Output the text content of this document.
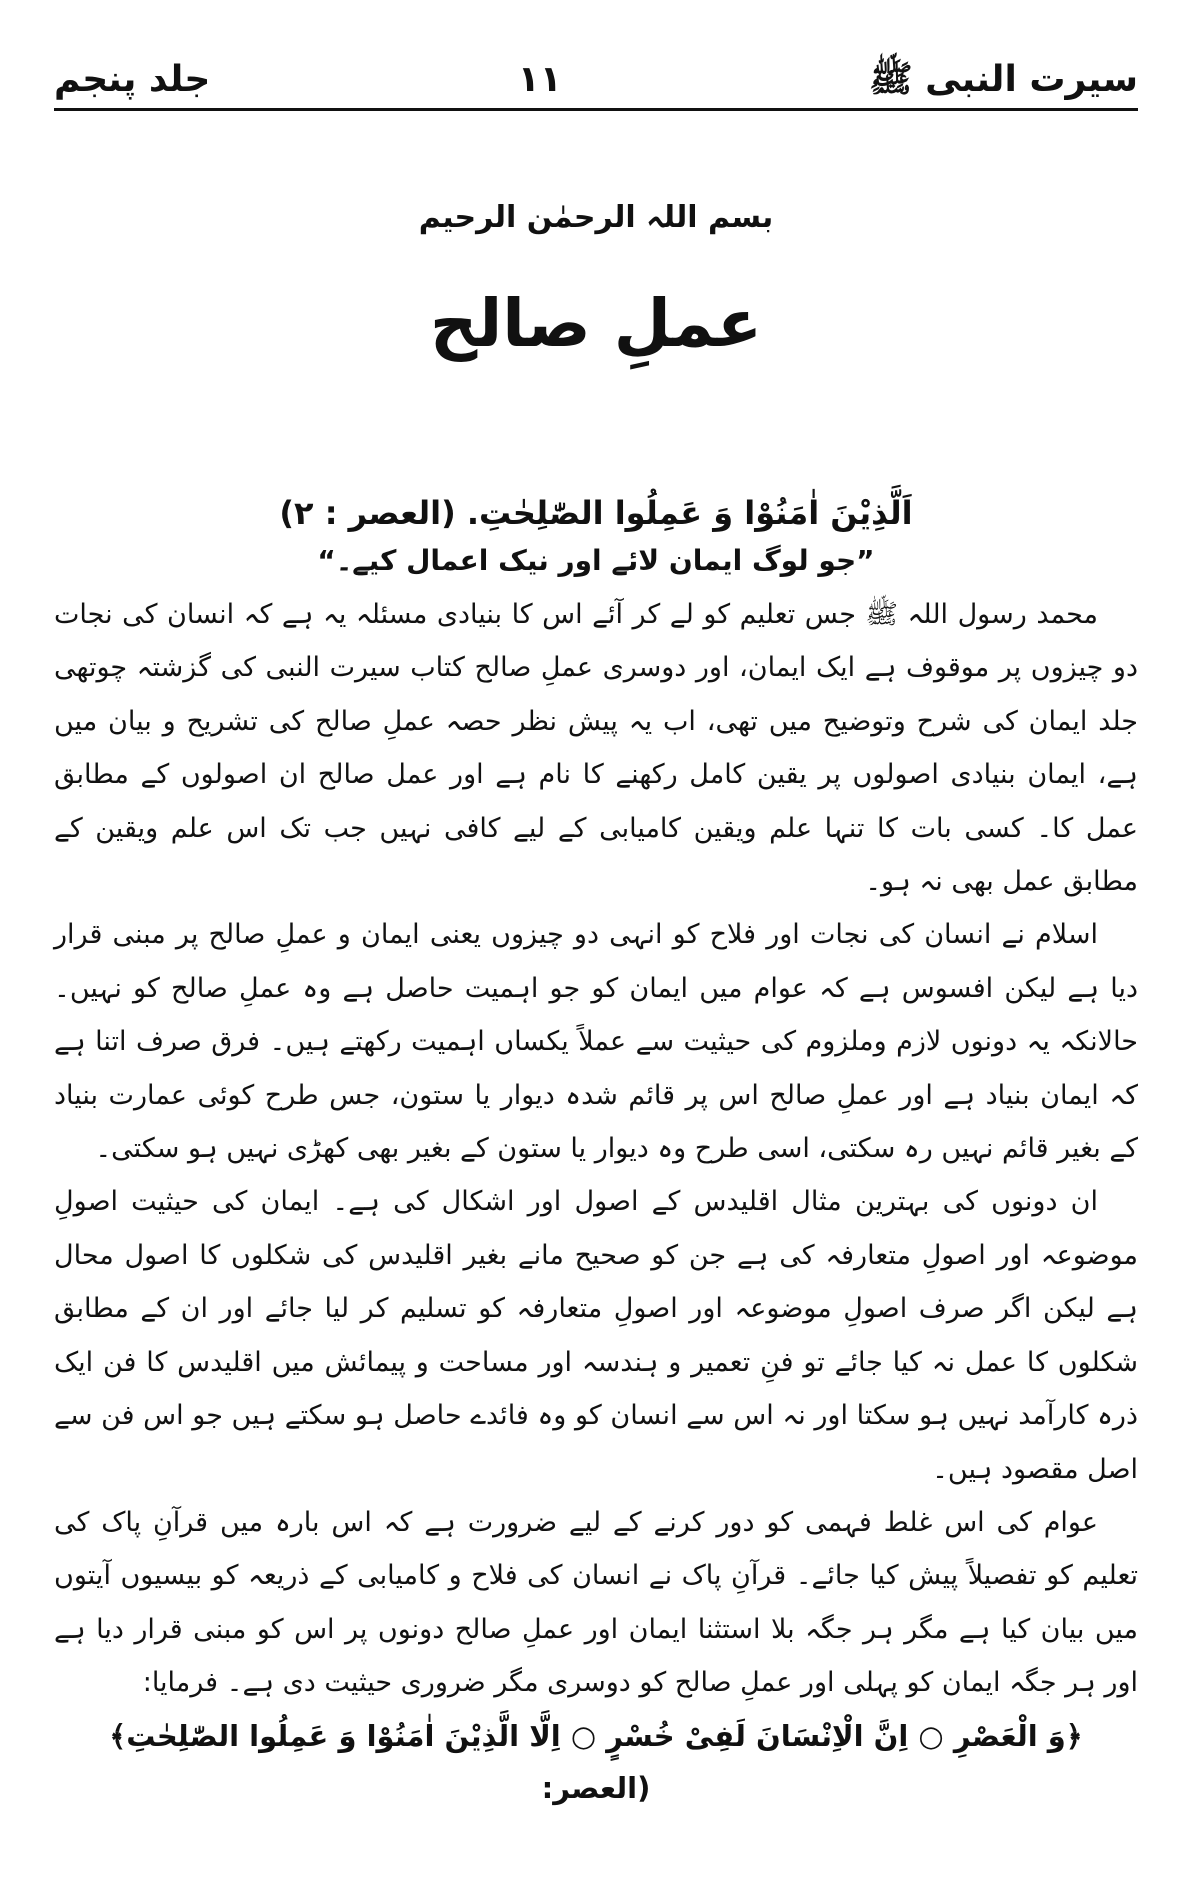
سیرت النبی ﷺ
۱۱
جلد پنجم
بسم اللہ الرحمٰن الرحیم
عملِ صالح

اَلَّذِیْنَ اٰمَنُوْا وَ عَمِلُوا الصّٰلِحٰتِ. (العصر : ۲)

”جو لوگ ایمان لائے اور نیک اعمال کیے۔“

محمد رسول اللہ ﷺ جس تعلیم کو لے کر آئے اس کا بنیادی مسئلہ یہ ہے کہ انسان کی نجات دو چیزوں پر موقوف ہے ایک ایمان، اور دوسری عملِ صالح کتاب سیرت النبی کی گزشتہ چوتھی جلد ایمان کی شرح وتوضیح میں تھی، اب یہ پیش نظر حصہ عملِ صالح کی تشریح و بیان میں ہے، ایمان بنیادی اصولوں پر یقین کامل رکھنے کا نام ہے اور عمل صالح ان اصولوں کے مطابق عمل کا۔ کسی بات کا تنہا علم ویقین کامیابی کے لیے کافی نہیں جب تک اس علم ویقین کے مطابق عمل بھی نہ ہو۔

اسلام نے انسان کی نجات اور فلاح کو انہی دو چیزوں یعنی ایمان و عملِ صالح پر مبنی قرار دیا ہے لیکن افسوس ہے کہ عوام میں ایمان کو جو اہمیت حاصل ہے وہ عملِ صالح کو نہیں۔ حالانکہ یہ دونوں لازم وملزوم کی حیثیت سے عملاً یکساں اہمیت رکھتے ہیں۔ فرق صرف اتنا ہے کہ ایمان بنیاد ہے اور عملِ صالح اس پر قائم شدہ دیوار یا ستون، جس طرح کوئی عمارت بنیاد کے بغیر قائم نہیں رہ سکتی، اسی طرح وہ دیوار یا ستون کے بغیر بھی کھڑی نہیں ہو سکتی۔

ان دونوں کی بہترین مثال اقلیدس کے اصول اور اشکال کی ہے۔ ایمان کی حیثیت اصولِ موضوعہ اور اصولِ متعارفہ کی ہے جن کو صحیح مانے بغیر اقلیدس کی شکلوں کا اصول محال ہے لیکن اگر صرف اصولِ موضوعہ اور اصولِ متعارفہ کو تسلیم کر لیا جائے اور ان کے مطابق شکلوں کا عمل نہ کیا جائے تو فنِ تعمیر و ہندسہ اور مساحت و پیمائش میں اقلیدس کا فن ایک ذرہ کارآمد نہیں ہو سکتا اور نہ اس سے انسان کو وہ فائدے حاصل ہو سکتے ہیں جو اس فن سے اصل مقصود ہیں۔

عوام کی اس غلط فہمی کو دور کرنے کے لیے ضرورت ہے کہ اس بارہ میں قرآنِ پاک کی تعلیم کو تفصیلاً پیش کیا جائے۔ قرآنِ پاک نے انسان کی فلاح و کامیابی کے ذریعہ کو بیسیوں آیتوں میں بیان کیا ہے مگر ہر جگہ بلا استثنا ایمان اور عملِ صالح دونوں پر اس کو مبنی قرار دیا ہے اور ہر جگہ ایمان کو پہلی اور عملِ صالح کو دوسری مگر ضروری حیثیت دی ہے۔ فرمایا:

﴿وَ الْعَصْرِ ○ اِنَّ الْاِنْسَانَ لَفِیْ خُسْرٍ ○ اِلَّا الَّذِیْنَ اٰمَنُوْا وَ عَمِلُوا الصّٰلِحٰتِ﴾ (العصر:
